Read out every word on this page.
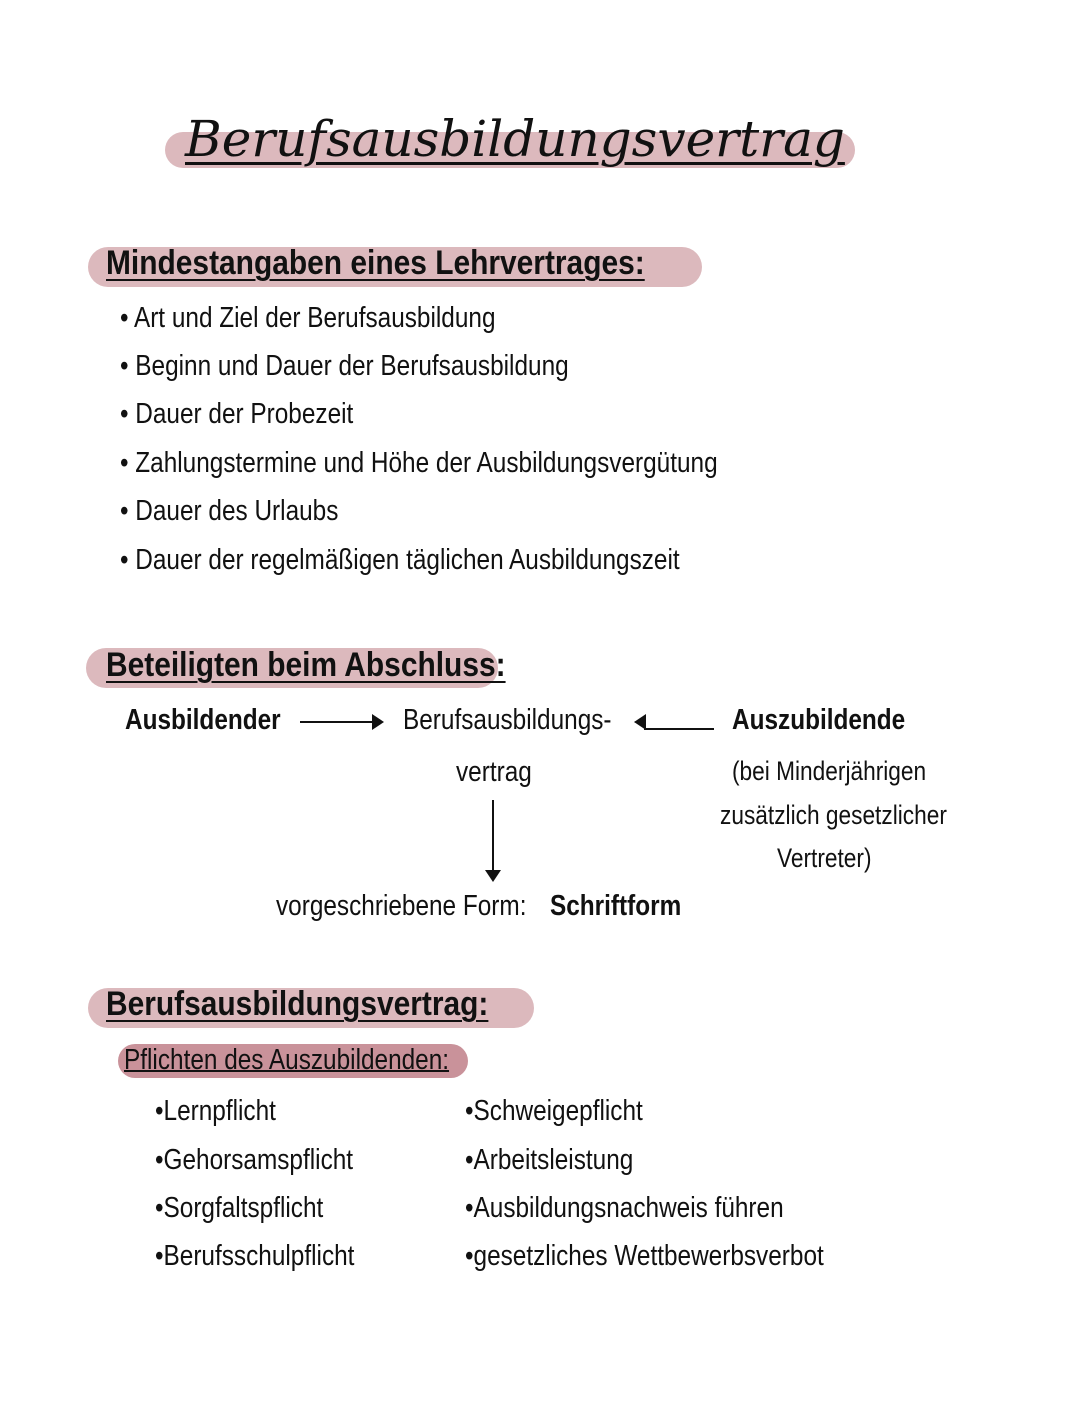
Berufsausbildungsvertrag
Mindestangaben eines Lehrvertrages:
• Art und Ziel der Berufsausbildung
• Beginn und Dauer der Berufsausbildung
• Dauer der Probezeit
• Zahlungstermine und Höhe der Ausbildungsvergütung
• Dauer des Urlaubs
• Dauer der regelmäßigen täglichen Ausbildungszeit
Beteiligten beim Abschluss:
Ausbildender	Berufsausbildungs-
vertrag
Auszubildende
(bei Minderjährigen
zusätzlich gesetzlicher
Vertreter)
vorgeschriebene Form: Schriftform
Berufsausbildungsvertrag:
Pflichten des Auszubildenden:
•Lernpflicht
•Gehorsamspflicht
•Sorgfaltspflicht
•Berufsschulpflicht
•Schweigepflicht
•Arbeitsleistung
•Ausbildungsnachweis führen
•gesetzliches Wettbewerbsverbot
